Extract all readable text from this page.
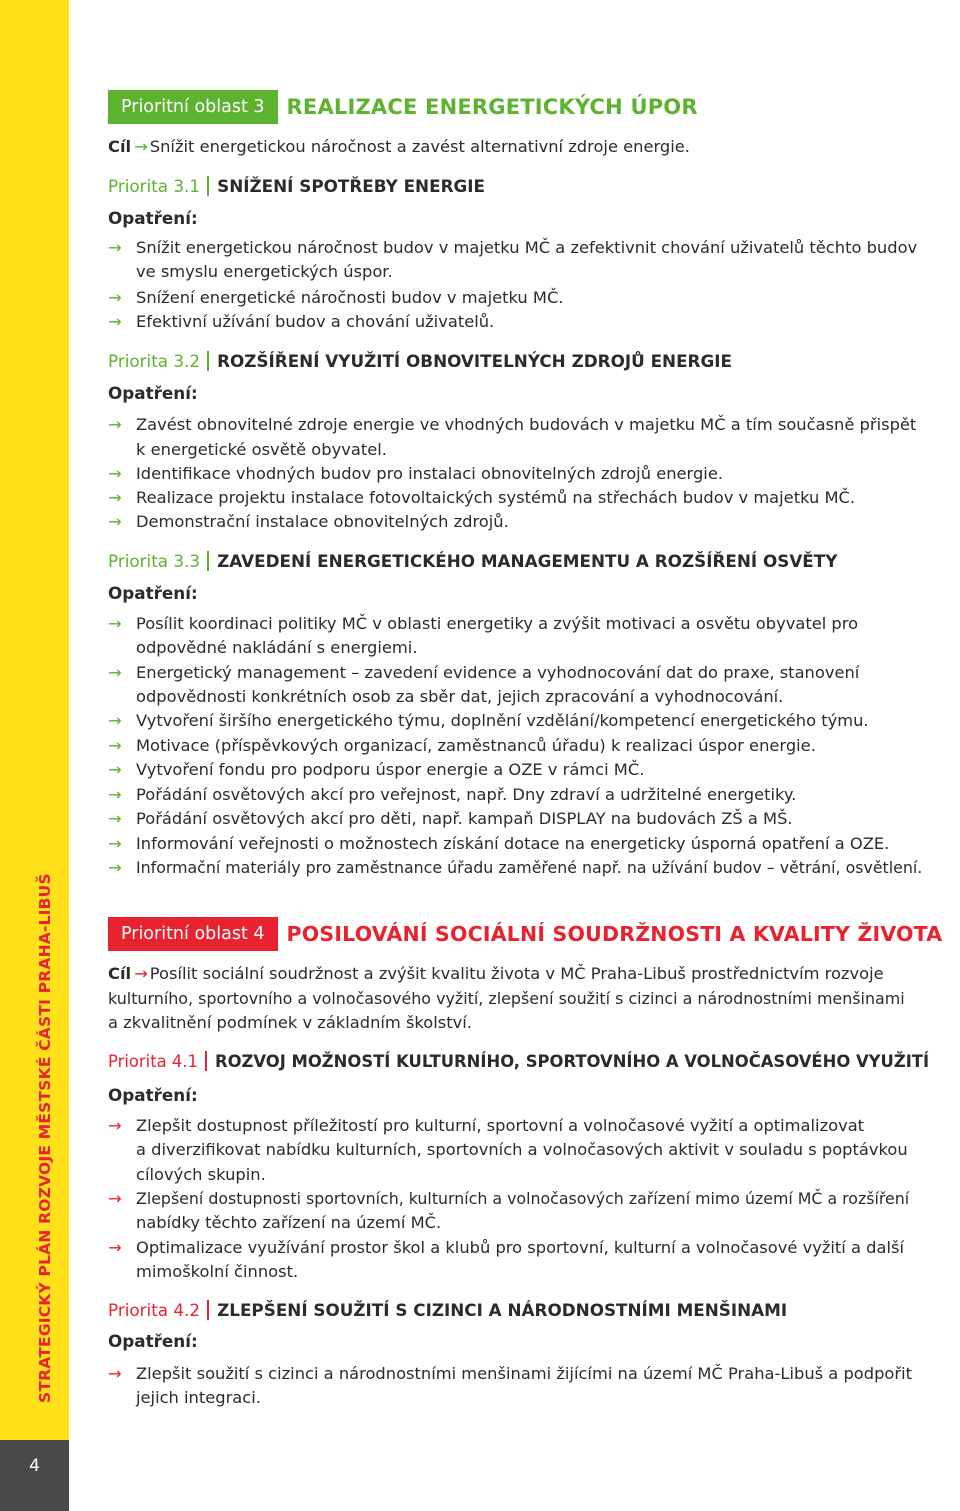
STRATEGICKÝ PLÁN ROZVOJE MĚSTSKÉ ČÁSTI PRAHA-LIBUŠ
4
Prioritní oblast 3	REALIZACE ENERGETICKÝCH ÚPOR
Cíl → Snížit energetickou náročnost a zavést alternativní zdroje energie.
Priorita 3.1 SNÍŽENÍ SPOTŘEBY ENERGIE
Opatření:
→ Snížit energetickou náročnost budov v majetku MČ a zefektivnit chování uživatelů těchto budov
ve smyslu energetických úspor.
→ Snížení energetické náročnosti budov v majetku MČ.
→ Efektivní užívání budov a chování uživatelů.
Priorita 3.2 ROZŠÍŘENÍ VYUŽITÍ OBNOVITELNÝCH ZDROJŮ ENERGIE
Opatření:
→ Zavést obnovitelné zdroje energie ve vhodných budovách v majetku MČ a tím současně přispět
k energetické osvětě obyvatel.
→ Identifikace vhodných budov pro instalaci obnovitelných zdrojů energie.
→ Realizace projektu instalace fotovoltaických systémů na střechách budov v majetku MČ.
→ Demonstrační instalace obnovitelných zdrojů.
Priorita 3.3 ZAVEDENÍ ENERGETICKÉHO MANAGEMENTU A ROZŠÍŘENÍ OSVĚTY
Opatření:
→ Posílit koordinaci politiky MČ v oblasti energetiky a zvýšit motivaci a osvětu obyvatel pro
odpovědné nakládání s energiemi.
→ Energetický management – zavedení evidence a vyhodnocování dat do praxe, stanovení
odpovědnosti konkrétních osob za sběr dat, jejich zpracování a vyhodnocování.
→ Vytvoření širšího energetického týmu, doplnění vzdělání/kompetencí energetického týmu.
→ Motivace (příspěvkových organizací, zaměstnanců úřadu) k realizaci úspor energie.
→ Vytvoření fondu pro podporu úspor energie a OZE v rámci MČ.
→ Pořádání osvětových akcí pro veřejnost, např. Dny zdraví a udržitelné energetiky.
→ Pořádání osvětových akcí pro děti, např. kampaň DISPLAY na budovách ZŠ a MŠ.
→ Informování veřejnosti o možnostech získání dotace na energeticky úsporná opatření a OZE.
→ Informační materiály pro zaměstnance úřadu zaměřené např. na užívání budov – větrání, osvětlení.
Prioritní oblast 4	POSILOVÁNÍ SOCIÁLNÍ SOUDRŽNOSTI A KVALITY ŽIVOTA
Cíl → Posílit sociální soudržnost a zvýšit kvalitu života v MČ Praha-Libuš prostřednictvím rozvoje
kulturního, sportovního a volnočasového vyžití, zlepšení soužití s cizinci a národnostními menšinami
a zkvalitnění podmínek v základním školství.
Priorita 4.1 ROZVOJ MOŽNOSTÍ KULTURNÍHO, SPORTOVNÍHO A VOLNOČASOVÉHO VYUŽITÍ
Opatření:
→ Zlepšit dostupnost příležitostí pro kulturní, sportovní a volnočasové vyžití a optimalizovat
a diverzifikovat nabídku kulturních, sportovních a volnočasových aktivit v souladu s poptávkou
cílových skupin.
→ Zlepšení dostupnosti sportovních, kulturních a volnočasových zařízení mimo území MČ a rozšíření
nabídky těchto zařízení na území MČ.
→ Optimalizace využívání prostor škol a klubů pro sportovní, kulturní a volnočasové vyžití a další
mimoškolní činnost.
Priorita 4.2 ZLEPŠENÍ SOUŽITÍ S CIZINCI A NÁRODNOSTNÍMI MENŠINAMI
Opatření:
→ Zlepšit soužití s cizinci a národnostními menšinami žijícími na území MČ Praha-Libuš a podpořit
jejich integraci.
